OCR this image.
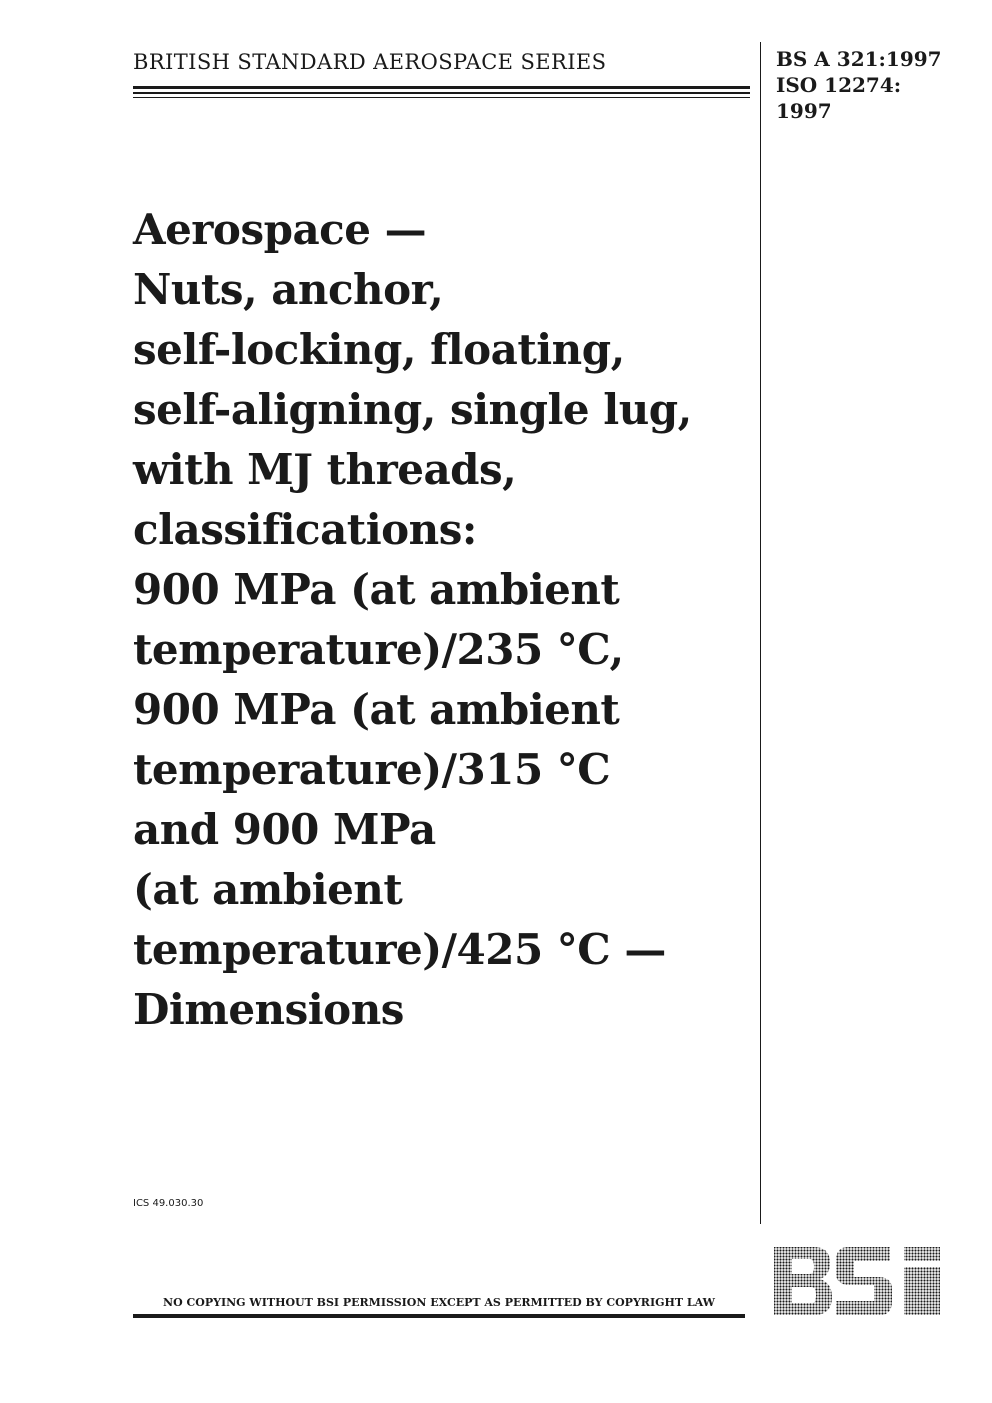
BRITISH STANDARD AEROSPACE SERIES	BS A 321:1997
ISO 12274:
1997
Aerospace —
Nuts, anchor,
self-locking, floating,
self-aligning, single lug,
with MJ threads,
classifications:
900 MPa (at ambient
temperature)/235 °C,
900 MPa (at ambient
temperature)/315 °C
and 900 MPa
(at ambient
temperature)/425 °C —
Dimensions
ICS 49.030.30
NO COPYING WITHOUT BSI PERMISSION EXCEPT AS PERMITTED BY COPYRIGHT LAW
